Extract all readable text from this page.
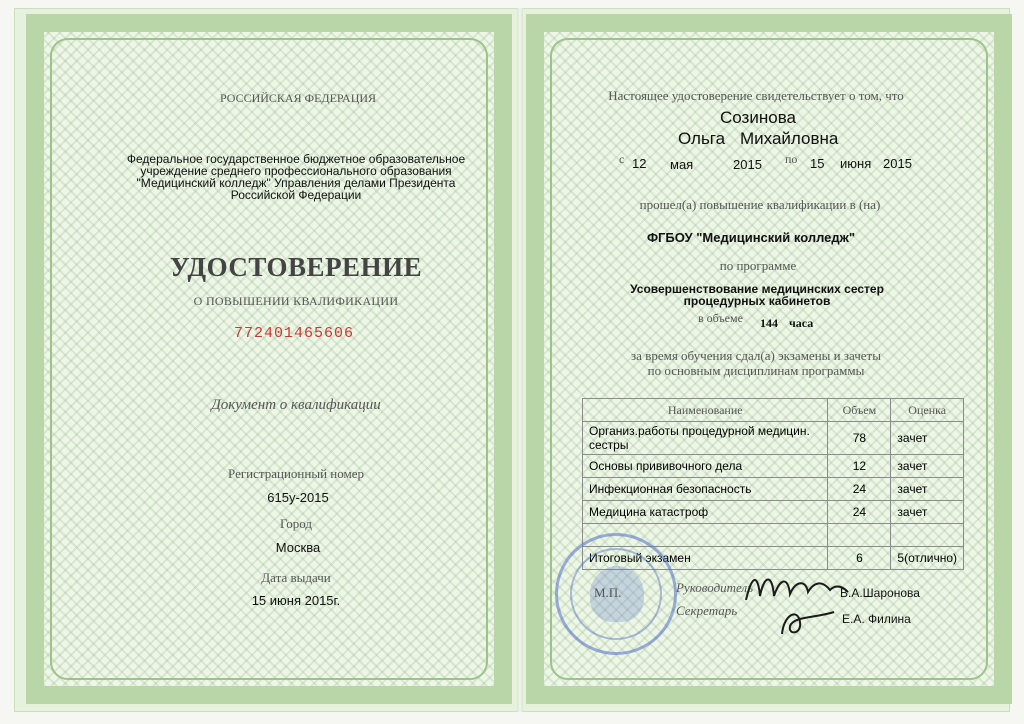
РОССИЙСКАЯ ФЕДЕРАЦИЯ
Федеральное государственное бюджетное образовательное
учреждение среднего профессионального образования
"Медицинский колледж" Управления делами Президента
Российской Федерации
УДОСТОВЕРЕНИЕ
О ПОВЫШЕНИИ КВАЛИФИКАЦИИ
772401465606
Документ о квалификации
Регистрационный номер
615у-2015
Город
Москва
Дата выдачи
15 июня 2015г.
Настоящее удостоверение свидетельствует о том, что
Созинова
Ольга Михайловна
с 12 мая	2015 по 15 июня 2015
прошел(а) повышение квалификации в (на)
ФГБОУ "Медицинский колледж"
по программе
Усовершенствование медицинских сестер
процедурных кабинетов
в объеме 144 часа
за время обучения сдал(а) экзамены и зачеты
по основным дисциплинам программы
Наименование	Объем	Оценка
Организ.работы процедурной медицин. сестры	78	зачет
Основы прививочного дела	12	зачет
Инфекционная безопасность	24	зачет
Медицина катастроф	24	зачет

Итоговый экзамен	6	5(отлично)
М.П.	Руководитель	В.А.Шаронова
Секретарь
Е.А. Филина
